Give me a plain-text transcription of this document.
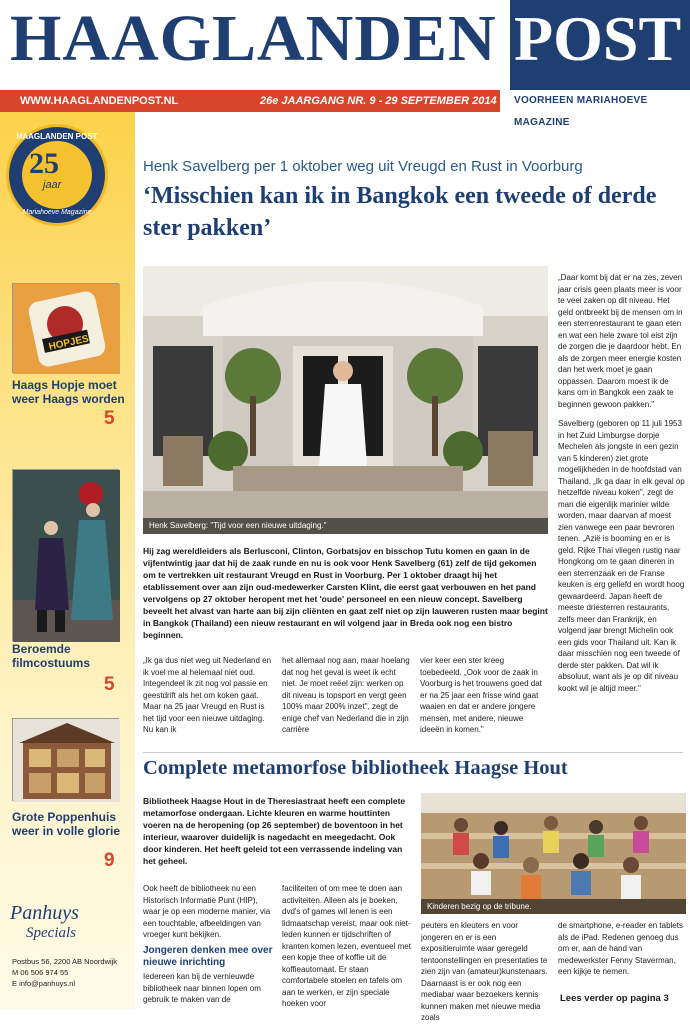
HAAGLANDEN POST
WWW.HAAGLANDENPOST.NL	26e JAARGANG NR. 9 - 29 SEPTEMBER 2014	VOORHEEN MARIAHOEVE MAGAZINE
HAAGLANDEN POST
25
jaar
Mariahoeve Magazine
HOPJES
Haags Hopje moet weer Haags worden
5
Beroemde filmcostuums
5
Grote Poppenhuis weer in volle glorie
9
Panhuys
Specials
Postbus 56, 2200 AB Noordwijk
M 06 506 974 55
E info@panhuys.nl
Henk Savelberg per 1 oktober weg uit Vreugd en Rust in Voorburg
‘Misschien kan ik in Bangkok een tweede of derde ster pakken’
Henk Savelberg: "Tijd voor een nieuwe uitdaging."
Hij zag wereldleiders als Berlusconi, Clinton, Gorbatsjov en bisschop Tutu komen en gaan in de vijfentwintig jaar dat hij de zaak runde en nu is ook voor Henk Savelberg (61) zelf de tijd gekomen om te vertrekken uit restaurant Vreugd en Rust in Voorburg. Per 1 oktober draagt hij het etablissement over aan zijn oud-medewerker Carsten Klint, die eerst gaat verbouwen en het pand vervolgens op 27 oktober heropent met het 'oude' personeel en een nieuw concept. Savelberg beveelt het alvast van harte aan bij zijn cliënten en gaat zelf niet op zijn lauweren rusten maar begint in Bangkok (Thailand) een nieuw restaurant en wil volgend jaar in Breda ook nog een bistro beginnen.
„Ik ga dus niet weg uit Nederland en ik voel me al helemaal niet oud. Integendeel ik zit nog vol passie en geestdrift als het om koken gaat. Maar na 25 jaar Vreugd en Rust is het tijd voor een nieuwe uitdaging. Nu kan ik
het allemaal nog aan, maar hoelang dat nog het geval is weet ik echt niet. Je moet reëel zijn: werken op dit niveau is topsport en vergt geen 100% maar 200% inzet", zegt de enige chef van Nederland die in zijn carrière
vier keer een ster kreeg toebedeeld. „Ook voor de zaak in Voorburg is het trouwens goed dat er na 25 jaar een frisse wind gaat waaien en dat er andere jongere mensen, met andere, nieuwe ideeën in komen."
„Daar komt bij dat er na zes, zeven jaar crisis geen plaats meer is voor te veel zaken op dit niveau. Het geld ontbreekt bij de mensen om in een sterrenrestaurant te gaan eten en wat een hele zware tol eist zijn de zorgen die je daardoor hebt. En als de zorgen meer energie kosten dan het werk moet je gaan oppassen. Daarom moest ik de kans om in Bangkok een zaak te beginnen gewoon pakken."
Savelberg (geboren op 11 juli 1953 in het Zuid Limburgse dorpje Mechelen als jongste in een gezin van 5 kinderen) ziet grote mogelijkheden in de hoofdstad van Thailand. „Ik ga daar in elk geval op hetzelfde niveau koken", zegt de man die eigenlijk marinier wilde worden, maar daarvan af moest zien vanwege een paar bevroren tenen. „Azië is booming en er is geld. Rijke Thai vliegen rustig naar Hongkong om te gaan dineren in een sterrenzaak en de Franse keuken is erg geliefd en wordt hoog gewaardeerd. Japan heeft de meeste driesterren restaurants, zelfs meer dan Frankrijk, en volgend jaar brengt Michelin ook een gids voor Thailand uit. Kan ik daar misschien nog een tweede of derde ster pakken. Dat wil ik absoluut, want als je op dit niveau kookt wil je altijd meer."
Complete metamorfose bibliotheek Haagse Hout
Bibliotheek Haagse Hout in de Theresiastraat heeft een complete metamorfose ondergaan. Lichte kleuren en warme houttinten voeren na de heropening (op 26 september) de boventoon in het interieur, waarover duidelijk is nagedacht en meegedacht. Ook door kinderen. Het heeft geleid tot een verrassende indeling van het geheel.
Kinderen bezig op de tribune.
Ook heeft de bibliotheek nu een Historisch Informatie Punt (HIP), waar je op een moderne manier, via een touchtable, afbeeldingen van vroeger kunt bekijken.
Jongeren denken mee over nieuwe inrichting
Iedereen kan bij de vernieuwde bibliotheek naar binnen lopen om gebruik te maken van de
faciliteiten of om mee te doen aan activiteiten. Alleen als je boeken, dvd's of games wil lenen is een lidmaatschap vereist, maar ook niet-leden kunnen er tijdschriften of kranten komen lezen, eventueel met een kopje thee of koffie uit de koffieautomaat. Er staan comfortabele stoelen en tafels om aan te werken, er zijn speciale hoeken voor
peuters en kleuters en voor jongeren en er is een expositieruimte waar geregeld tentoonstellingen en presentaties te zien zijn van (amateur)kunstenaars. Daarnaast is er ook nog een mediabar waar bezoekers kennis kunnen maken met nieuwe media zoals
de smartphone, e-reader en tablets als de iPad. Redenen genoeg dus om er, aan de hand van medewerkster Fenny Staverman, een kijkje te nemen.
Lees verder op pagina 3
